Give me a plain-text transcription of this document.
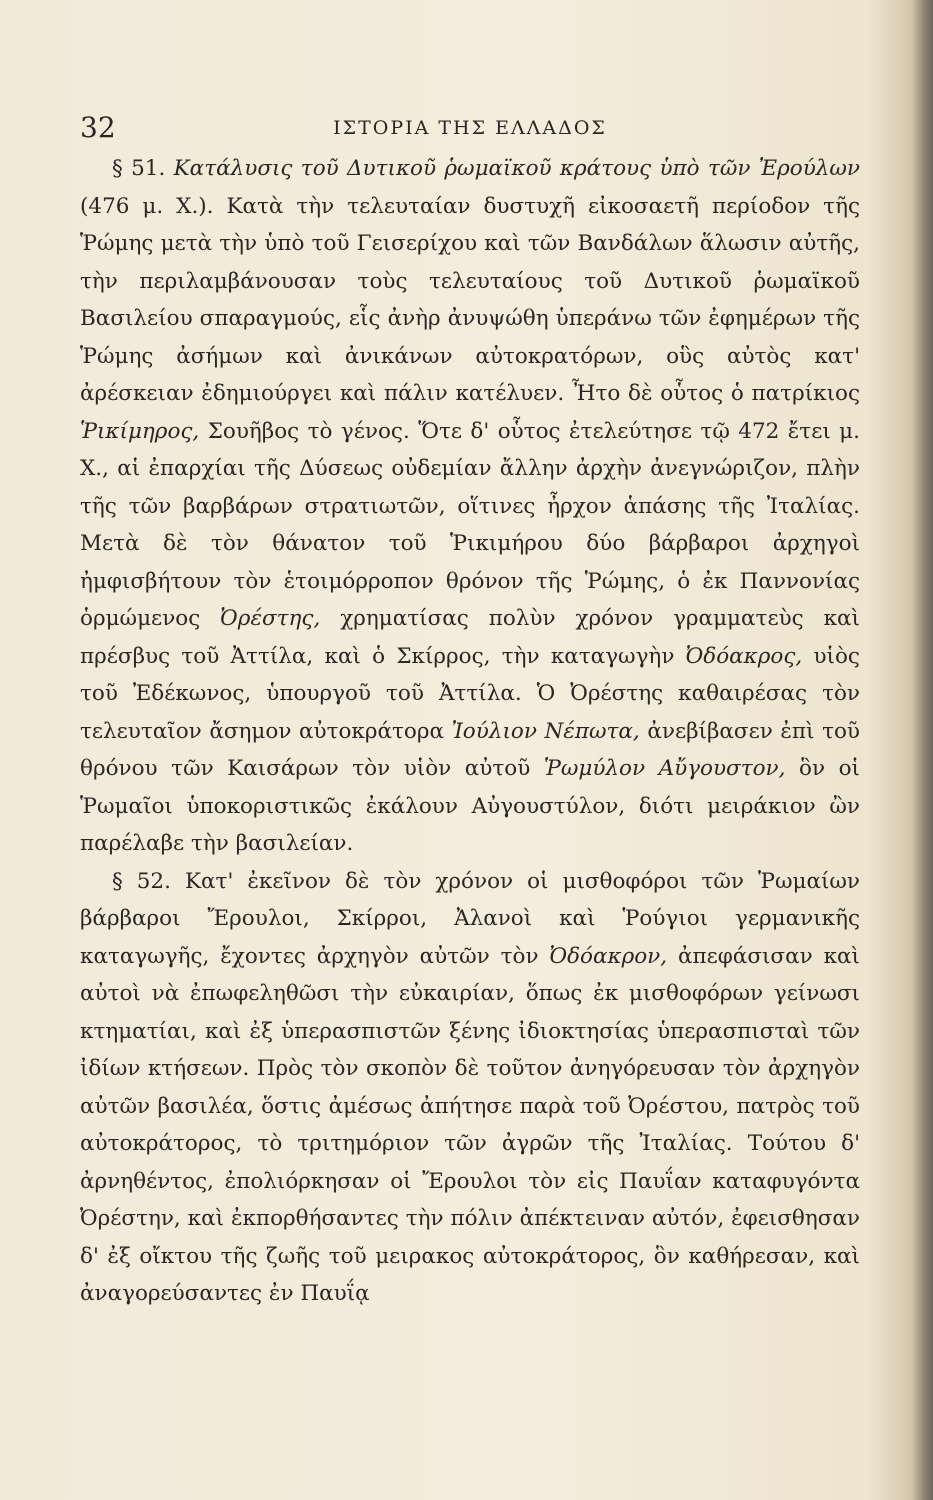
32	ΙΣΤΟΡΙΑ ΤΗΣ ΕΛΛΑΔΟΣ

§ 51. Κατάλυσις τοῦ Δυτικοῦ ῥωμαϊκοῦ κράτους ὑπὸ τῶν Ἐρούλων (476 μ. Χ.). Κατὰ τὴν τελευταίαν δυστυχῆ εἰκοσαετῆ περίοδον τῆς Ῥώμης μετὰ τὴν ὑπὸ τοῦ Γεισερίχου καὶ τῶν Βανδάλων ἅλωσιν αὐτῆς, τὴν περιλαμβάνουσαν τοὺς τελευταίους τοῦ Δυτικοῦ ῥωμαϊκοῦ Βασιλείου σπαραγμούς, εἷς ἀνὴρ ἀνυψώθη ὑπεράνω τῶν ἐφημέρων τῆς Ῥώμης ἀσήμων καὶ ἀνικάνων αὐτοκρατόρων, οὓς αὐτὸς κατ' ἀρέσκειαν ἐδημιούργει καὶ πάλιν κατέλυεν. Ἦτο δὲ οὗτος ὁ πατρίκιος Ῥικίμηρος, Σουῆβος τὸ γένος. Ὅτε δ' οὗτος ἐτελεύτησε τῷ 472 ἔτει μ. Χ., αἱ ἐπαρχίαι τῆς Δύσεως οὐδεμίαν ἄλλην ἀρχὴν ἀνεγνώριζον, πλὴν τῆς τῶν βαρβάρων στρατιωτῶν, οἵτινες ἦρχον ἁπάσης τῆς Ἰταλίας. Μετὰ δὲ τὸν θάνατον τοῦ Ῥικιμήρου δύο βάρβαροι ἀρχηγοὶ ἠμφισβήτουν τὸν ἑτοιμόρροπον θρόνον τῆς Ῥώμης, ὁ ἐκ Παννονίας ὁρμώμενος Ὀρέστης, χρηματίσας πολὺν χρόνον γραμματεὺς καὶ πρέσβυς τοῦ Ἀττίλα, καὶ ὁ Σκίρρος, τὴν καταγωγὴν Ὀδόακρος, υἱὸς τοῦ Ἐδέκωνος, ὑπουργοῦ τοῦ Ἀττίλα. Ὁ Ὀρέστης καθαιρέσας τὸν τελευταῖον ἄσημον αὐτοκράτορα Ἰούλιον Νέπωτα, ἀνεβίβασεν ἐπὶ τοῦ θρόνου τῶν Καισάρων τὸν υἱὸν αὐτοῦ Ῥωμύλον Αὔγουστον, ὃν οἱ Ῥωμαῖοι ὑποκοριστικῶς ἐκάλουν Αὐγουστύλον, διότι μειράκιον ὢν παρέλαβε τὴν βασιλείαν.

§ 52. Κατ' ἐκεῖνον δὲ τὸν χρόνον οἱ μισθοφόροι τῶν Ῥωμαίων βάρβαροι Ἔρουλοι, Σκίρροι, Ἀλανοὶ καὶ Ῥούγιοι γερμανικῆς καταγωγῆς, ἔχοντες ἀρχηγὸν αὐτῶν τὸν Ὀδόακρον, ἀπεφάσισαν καὶ αὐτοὶ νὰ ἐπωφεληθῶσι τὴν εὐκαιρίαν, ὅπως ἐκ μισθοφόρων γείνωσι κτηματίαι, καὶ ἐξ ὑπερασπιστῶν ξένης ἰδιοκτησίας ὑπερασπισταὶ τῶν ἰδίων κτήσεων. Πρὸς τὸν σκοπὸν δὲ τοῦτον ἀνηγόρευσαν τὸν ἀρχηγὸν αὐτῶν βασιλέα, ὅστις ἀμέσως ἀπήτησε παρὰ τοῦ Ὀρέστου, πατρὸς τοῦ αὐτοκράτορος, τὸ τριτημόριον τῶν ἀγρῶν τῆς Ἰταλίας. Τούτου δ' ἀρνηθέντος, ἐπολιόρκησαν οἱ Ἔρουλοι τὸν εἰς Παυΐαν καταφυγόντα Ὀρέστην, καὶ ἐκπορθήσαντες τὴν πόλιν ἀπέκτειναν αὐτόν, ἐφεισθησαν δ' ἐξ οἴκτου τῆς ζωῆς τοῦ μειρακος αὐτοκράτορος, ὃν καθήρεσαν, καὶ ἀναγορεύσαντες ἐν Παυΐᾳ
